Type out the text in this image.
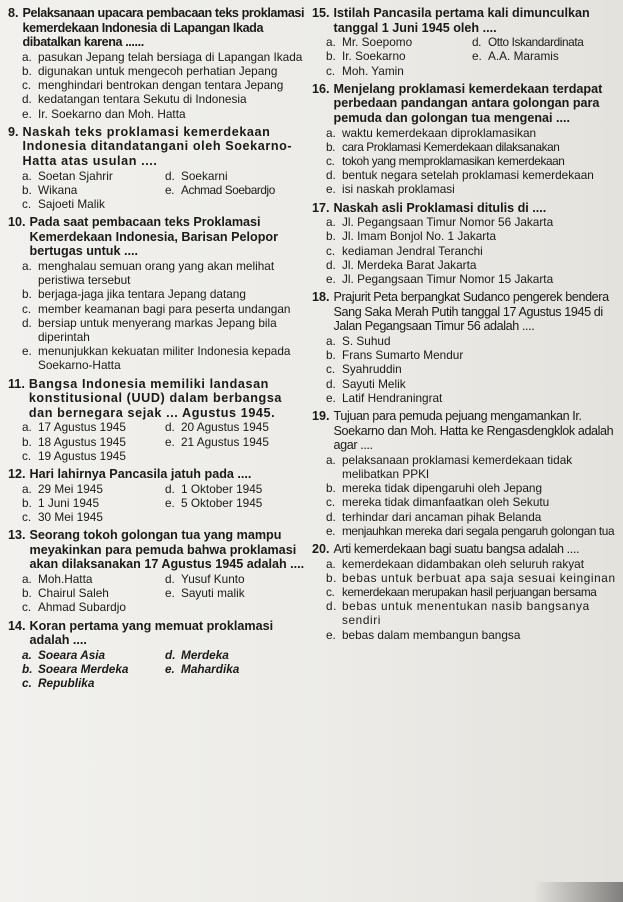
8. Pelaksanaan upacara pembacaan teks proklamasi kemerdekaan Indonesia di Lapangan Ikada dibatalkan karena ......
a. pasukan Jepang telah bersiaga di Lapangan Ikada
b. digunakan untuk mengecoh perhatian Jepang
c. menghindari bentrokan dengan tentara Jepang
d. kedatangan tentara Sekutu di Indonesia
e. Ir. Soekarno dan Moh. Hatta
9. Naskah teks proklamasi kemerdekaan Indonesia ditandatangani oleh Soekarno-Hatta atas usulan ....
a. Soetan Sjahrir	d. Soekarni
b. Wikana	e. Achmad Soebardjo
c. Sajoeti Malik
10. Pada saat pembacaan teks Proklamasi Kemerdekaan Indonesia, Barisan Pelopor bertugas untuk ....
a. menghalau semuan orang yang akan melihat peristiwa tersebut
b. berjaga-jaga jika tentara Jepang datang
c. member keamanan bagi para peserta undangan
d. bersiap untuk menyerang markas Jepang bila diperintah
e. menunjukkan kekuatan militer Indonesia kepada Soekarno-Hatta
11. Bangsa Indonesia memiliki landasan konstitusional (UUD) dalam berbangsa dan bernegara sejak ... Agustus 1945.
a. 17 Agustus 1945	d. 20 Agustus 1945
b. 18 Agustus 1945	e. 21 Agustus 1945
c. 19 Agustus 1945
12. Hari lahirnya Pancasila jatuh pada ....
a. 29 Mei 1945	d. 1 Oktober 1945
b. 1 Juni 1945	e. 5 Oktober 1945
c. 30 Mei 1945
13. Seorang tokoh golongan tua yang mampu meyakinkan para pemuda bahwa proklamasi akan dilaksanakan 17 Agustus 1945 adalah ....
a. Moh.Hatta	d. Yusuf Kunto
b. Chairul Saleh	e. Sayuti malik
c. Ahmad Subardjo
14. Koran pertama yang memuat proklamasi adalah ....
a. Soeara Asia	d. Merdeka
b. Soeara Merdeka	e. Mahardika
c. Republika
15. Istilah Pancasila pertama kali dimunculkan tanggal 1 Juni 1945 oleh ....
a. Mr. Soepomo	d. Otto Iskandardinata
b. Ir. Soekarno	e. A.A. Maramis
c. Moh. Yamin
16. Menjelang proklamasi kemerdekaan terdapat perbedaan pandangan antara golongan para pemuda dan golongan tua mengenai ....
a. waktu kemerdekaan diproklamasikan
b. cara Proklamasi Kemerdekaan dilaksanakan
c. tokoh yang memproklamasikan kemerdekaan
d. bentuk negara setelah proklamasi kemerdekaan
e. isi naskah proklamasi
17. Naskah asli Proklamasi ditulis di ....
a. Jl. Pegangsaan Timur Nomor 56 Jakarta
b. Jl. Imam Bonjol No. 1 Jakarta
c. kediaman Jendral Teranchi
d. Jl. Merdeka Barat Jakarta
e. Jl. Pegangsaan Timur Nomor 15 Jakarta
18. Prajurit Peta berpangkat Sudanco pengerek bendera Sang Saka Merah Putih tanggal 17 Agustus 1945 di Jalan Pegangsaan Timur 56 adalah ....
a. S. Suhud
b. Frans Sumarto Mendur
c. Syahruddin
d. Sayuti Melik
e. Latif Hendraningrat
19. Tujuan para pemuda pejuang mengamankan Ir. Soekarno dan Moh. Hatta ke Rengasdengklok adalah agar ....
a. pelaksanaan proklamasi kemerdekaan tidak melibatkan PPKI
b. mereka tidak dipengaruhi oleh Jepang
c. mereka tidak dimanfaatkan oleh Sekutu
d. terhindar dari ancaman pihak Belanda
e. menjauhkan mereka dari segala pengaruh golongan tua
20. Arti kemerdekaan bagi suatu bangsa adalah ....
a. kemerdekaan didambakan oleh seluruh rakyat
b. bebas untuk berbuat apa saja sesuai keinginan
c. kemerdekaan merupakan hasil perjuangan bersama
d. bebas untuk menentukan nasib bangsanya sendiri
e. bebas dalam membangun bangsa
